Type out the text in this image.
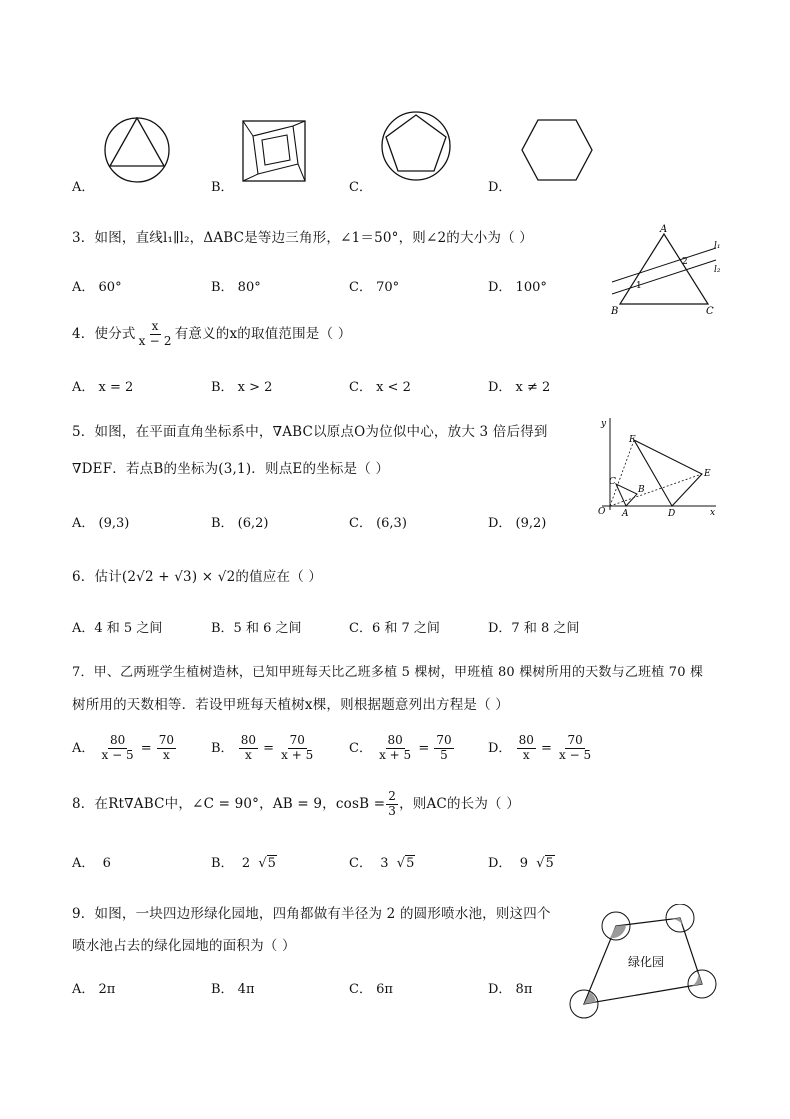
A．	B．	C．	D．
3．如图，直线l₁∥l₂，ΔABC是等边三角形，∠1＝50°，则∠2的大小为（ ）
A． 60°	B． 80°	C． 70°	D． 100°
A
B	C
l₁
l₂
1
2
4．使分式 $\frac{x}{x - 2}$ 有意义的x的取值范围是（ ）
A． x = 2	B． x > 2	C． x < 2	D． x ≠ 2
5．如图，在平面直角坐标系中，∇ABC以原点O为位似中心，放大 3 倍后得到
∇DEF．若点B的坐标为(3,1)．则点E的坐标是（ ）
A． (9,3)	B． (6,2)	C． (6,3)	D． (9,2)
y
x
O A
B
C
D
E
F
6．估计(2√2 + √3) × √2的值应在（ ）
A．4 和 5 之间	B．5 和 6 之间	C．6 和 7 之间	D．7 和 8 之间
7．甲、乙两班学生植树造林，已知甲班每天比乙班多植 5 棵树，甲班植 80 棵树所用的天数与乙班植 70 棵
树所用的天数相等．若设甲班每天植树x棵，则根据题意列出方程是（ ）
A． $\frac{80}{x - 5} = \frac{70}{x}$	B． $\frac{80}{x} = \frac{70}{x + 5}$	C． $\frac{80}{x + 5} = \frac{70}{5}$	D． $\frac{80}{x} = \frac{70}{x - 5}$
8．在Rt∇ABC中，∠C = 90°，AB = 9，$\cos B = \frac{2}{3}$ ，则AC的长为（ ）
A． 6	B． 2  √5	C． 3  √5	D． 9  √5
9．如图，一块四边形绿化园地，四角都做有半径为 2 的圆形喷水池，则这四个
喷水池占去的绿化园地的面积为（ ）
A． 2π	B． 4π	C． 6π	D． 8π
绿化园
